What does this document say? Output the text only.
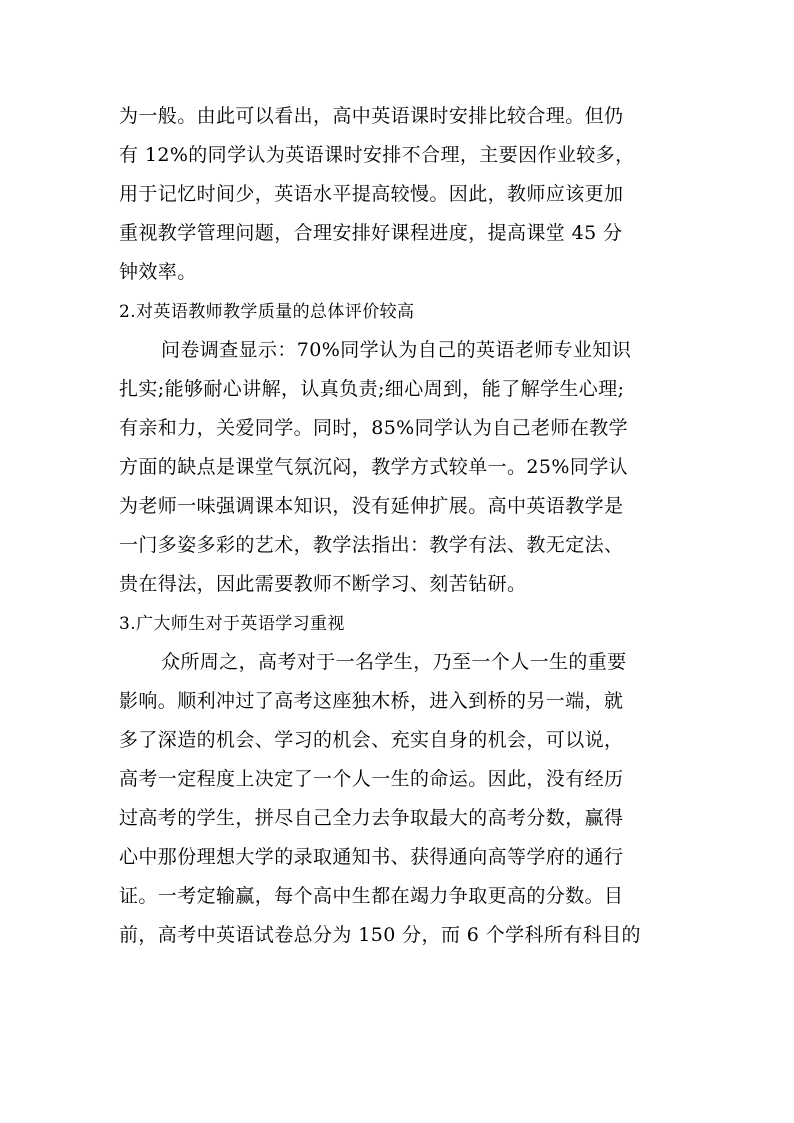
为一般。由此可以看出，高中英语课时安排比较合理。但仍
有 12%的同学认为英语课时安排不合理，主要因作业较多，
用于记忆时间少，英语水平提高较慢。因此，教师应该更加
重视教学管理问题，合理安排好课程进度，提高课堂 45 分
钟效率。
2.对英语教师教学质量的总体评价较高
问卷调查显示：70%同学认为自己的英语老师专业知识
扎实;能够耐心讲解，认真负责;细心周到，能了解学生心理;
有亲和力，关爱同学。同时，85%同学认为自己老师在教学
方面的缺点是课堂气氛沉闷，教学方式较单一。25%同学认
为老师一味强调课本知识，没有延伸扩展。高中英语教学是
一门多姿多彩的艺术，教学法指出：教学有法、教无定法、
贵在得法，因此需要教师不断学习、刻苦钻研。
3.广大师生对于英语学习重视
众所周之，高考对于一名学生，乃至一个人一生的重要
影响。顺利冲过了高考这座独木桥，进入到桥的另一端，就
多了深造的机会、学习的机会、充实自身的机会，可以说，
高考一定程度上决定了一个人一生的命运。因此，没有经历
过高考的学生，拼尽自己全力去争取最大的高考分数，赢得
心中那份理想大学的录取通知书、获得通向高等学府的通行
证。一考定输赢，每个高中生都在竭力争取更高的分数。目
前，高考中英语试卷总分为 150 分，而 6 个学科所有科目的
